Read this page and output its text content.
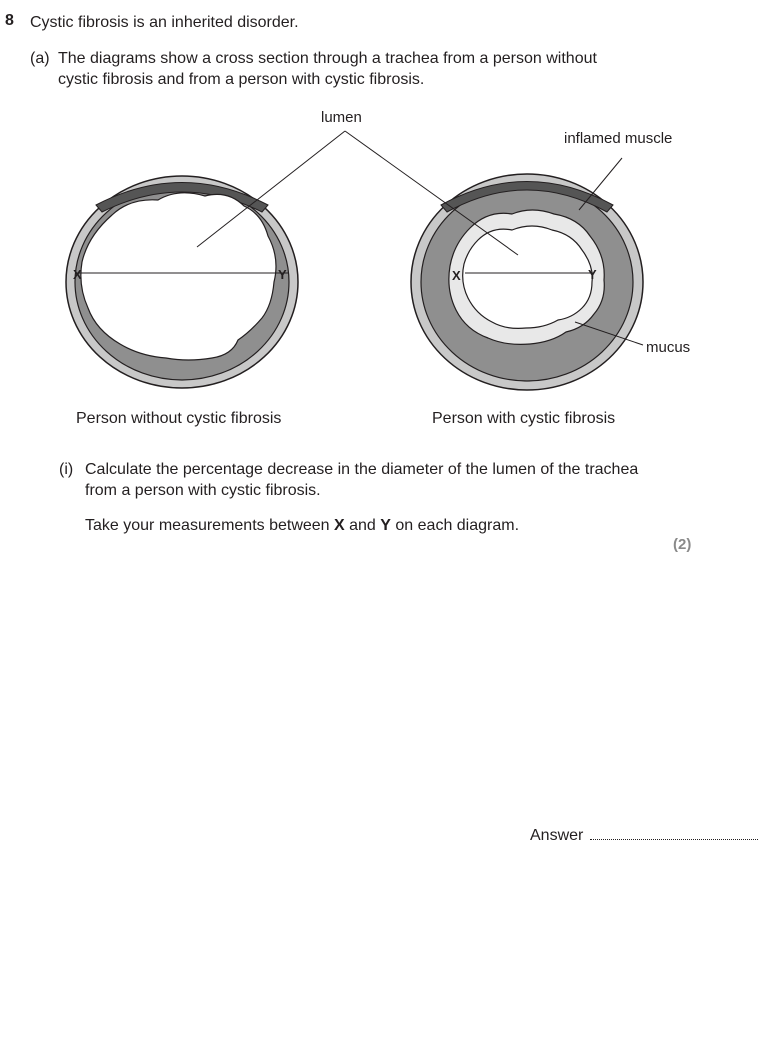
8 Cystic fibrosis is an inherited disorder.
(a) The diagrams show a cross section through a trachea from a person without
cystic fibrosis and from a person with cystic fibrosis.
X	Y	X	Y
lumen
inflamed muscle
mucus
Person without cystic fibrosis	Person with cystic fibrosis
(i) Calculate the percentage decrease in the diameter of the lumen of the trachea
from a person with cystic fibrosis.
Take your measurements between X and Y on each diagram.
(2)
Answer
